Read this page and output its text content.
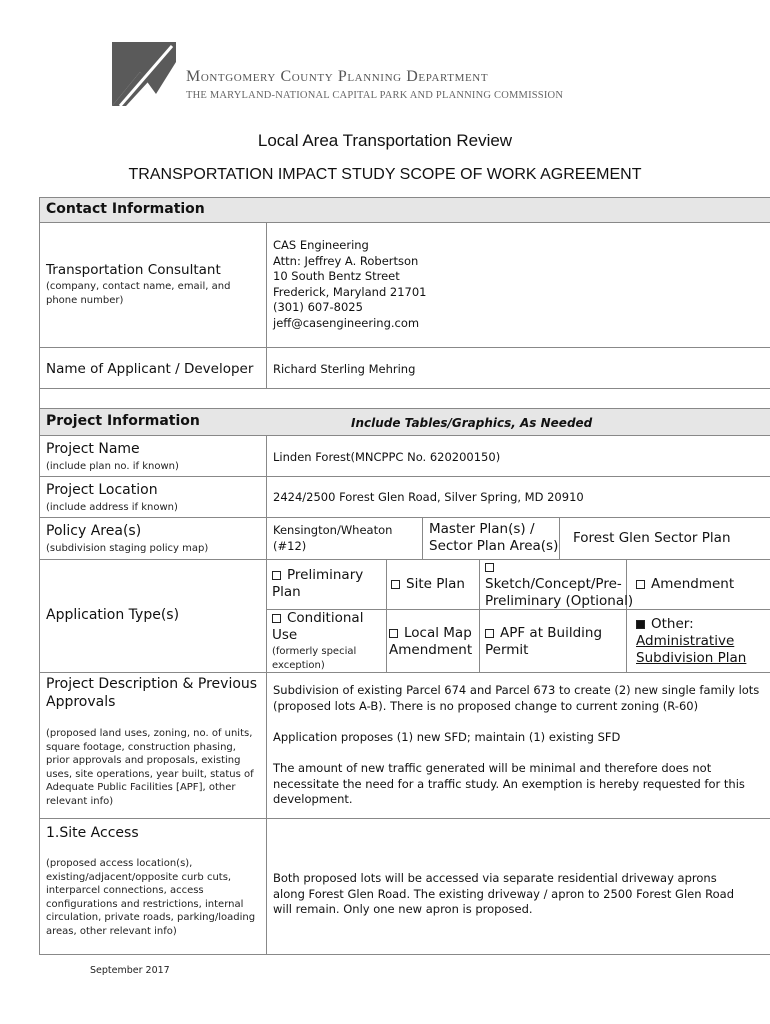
Montgomery County Planning Department
THE MARYLAND-NATIONAL CAPITAL PARK AND PLANNING COMMISSION
Local Area Transportation Review
TRANSPORTATION IMPACT STUDY SCOPE OF WORK AGREEMENT
Contact Information
Transportation Consultant
(company, contact name, email, and phone number)
CAS Engineering
Attn: Jeffrey A. Robertson
10 South Bentz Street
Frederick, Maryland 21701
(301) 607-8025
jeff@casengineering.com
Name of Applicant / Developer Richard Sterling Mehring
Project Information	Include Tables/Graphics, As Needed
Project Name
(include plan no. if known)
Linden Forest(MNCPPC No. 620200150)
Project Location
(include address if known)
2424/2500 Forest Glen Road, Silver Spring, MD 20910
Policy Area(s)
(subdivision staging policy map)
Kensington/Wheaton
(#12)
Master Plan(s) /
Sector Plan Area(s) Forest Glen Sector Plan
Application Type(s)
Preliminary
Plan	Site Plan Sketch/Concept/Pre-
Preliminary (Optional)
Amendment
Conditional
Use
(formerly special
exception)
Local Map
Amendment
APF at Building
Permit
Other:
Administrative
Subdivision Plan
Project Description & Previous
Approvals
(proposed land uses, zoning, no. of units,
square footage, construction phasing,
prior approvals and proposals, existing
uses, site operations, year built, status of
Adequate Public Facilities [APF], other
relevant info)
Subdivision of existing Parcel 674 and Parcel 673 to create (2) new single family lots
(proposed lots A-B). There is no proposed change to current zoning (R-60)
Application proposes (1) new SFD; maintain (1) existing SFD
The amount of new traffic generated will be minimal and therefore does not
necessitate the need for a traffic study. An exemption is hereby requested for this
development.
1.Site Access
(proposed access location(s),
existing/adjacent/opposite curb cuts,
interparcel connections, access
configurations and restrictions, internal
circulation, private roads, parking/loading
areas, other relevant info)
Both proposed lots will be accessed via separate residential driveway aprons
along Forest Glen Road. The existing driveway / apron to 2500 Forest Glen Road
will remain. Only one new apron is proposed.
September 2017
